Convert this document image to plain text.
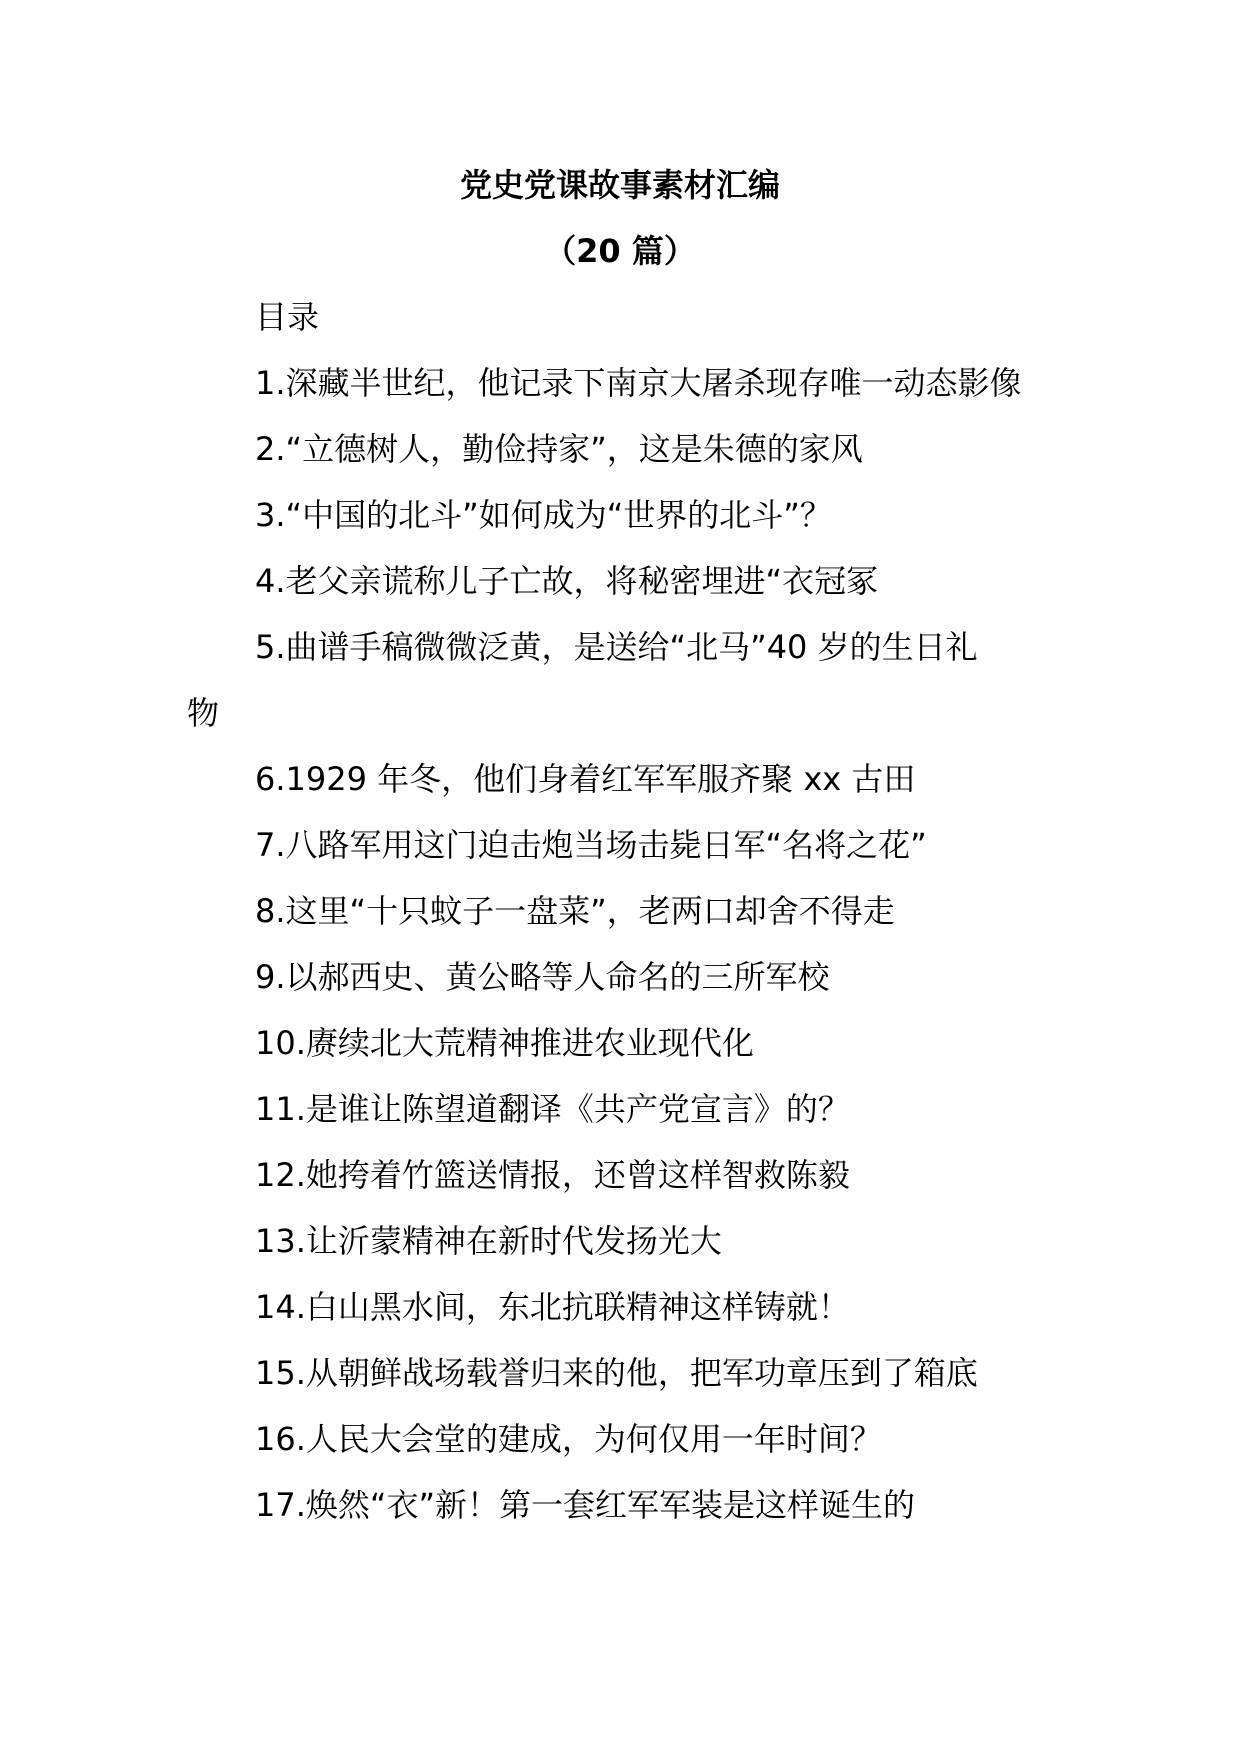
党史党课故事素材汇编
（20 篇）
目录
1.深藏半世纪，他记录下南京大屠杀现存唯一动态影像
2.“立德树人，勤俭持家”，这是朱德的家风
3.“中国的北斗”如何成为“世界的北斗”？
4.老父亲谎称儿子亡故，将秘密埋进“衣冠冢
5.曲谱手稿微微泛黄，是送给“北马”40 岁的生日礼
物
6.1929 年冬，他们身着红军军服齐聚 xx 古田
7.八路军用这门迫击炮当场击毙日军“名将之花”
8.这里“十只蚊子一盘菜”，老两口却舍不得走
9.以郝西史、黄公略等人命名的三所军校
10.赓续北大荒精神推进农业现代化
11.是谁让陈望道翻译《共产党宣言》的？
12.她挎着竹篮送情报，还曾这样智救陈毅
13.让沂蒙精神在新时代发扬光大
14.白山黑水间，东北抗联精神这样铸就！
15.从朝鲜战场载誉归来的他，把军功章压到了箱底
16.人民大会堂的建成，为何仅用一年时间？
17.焕然“衣”新！第一套红军军装是这样诞生的
